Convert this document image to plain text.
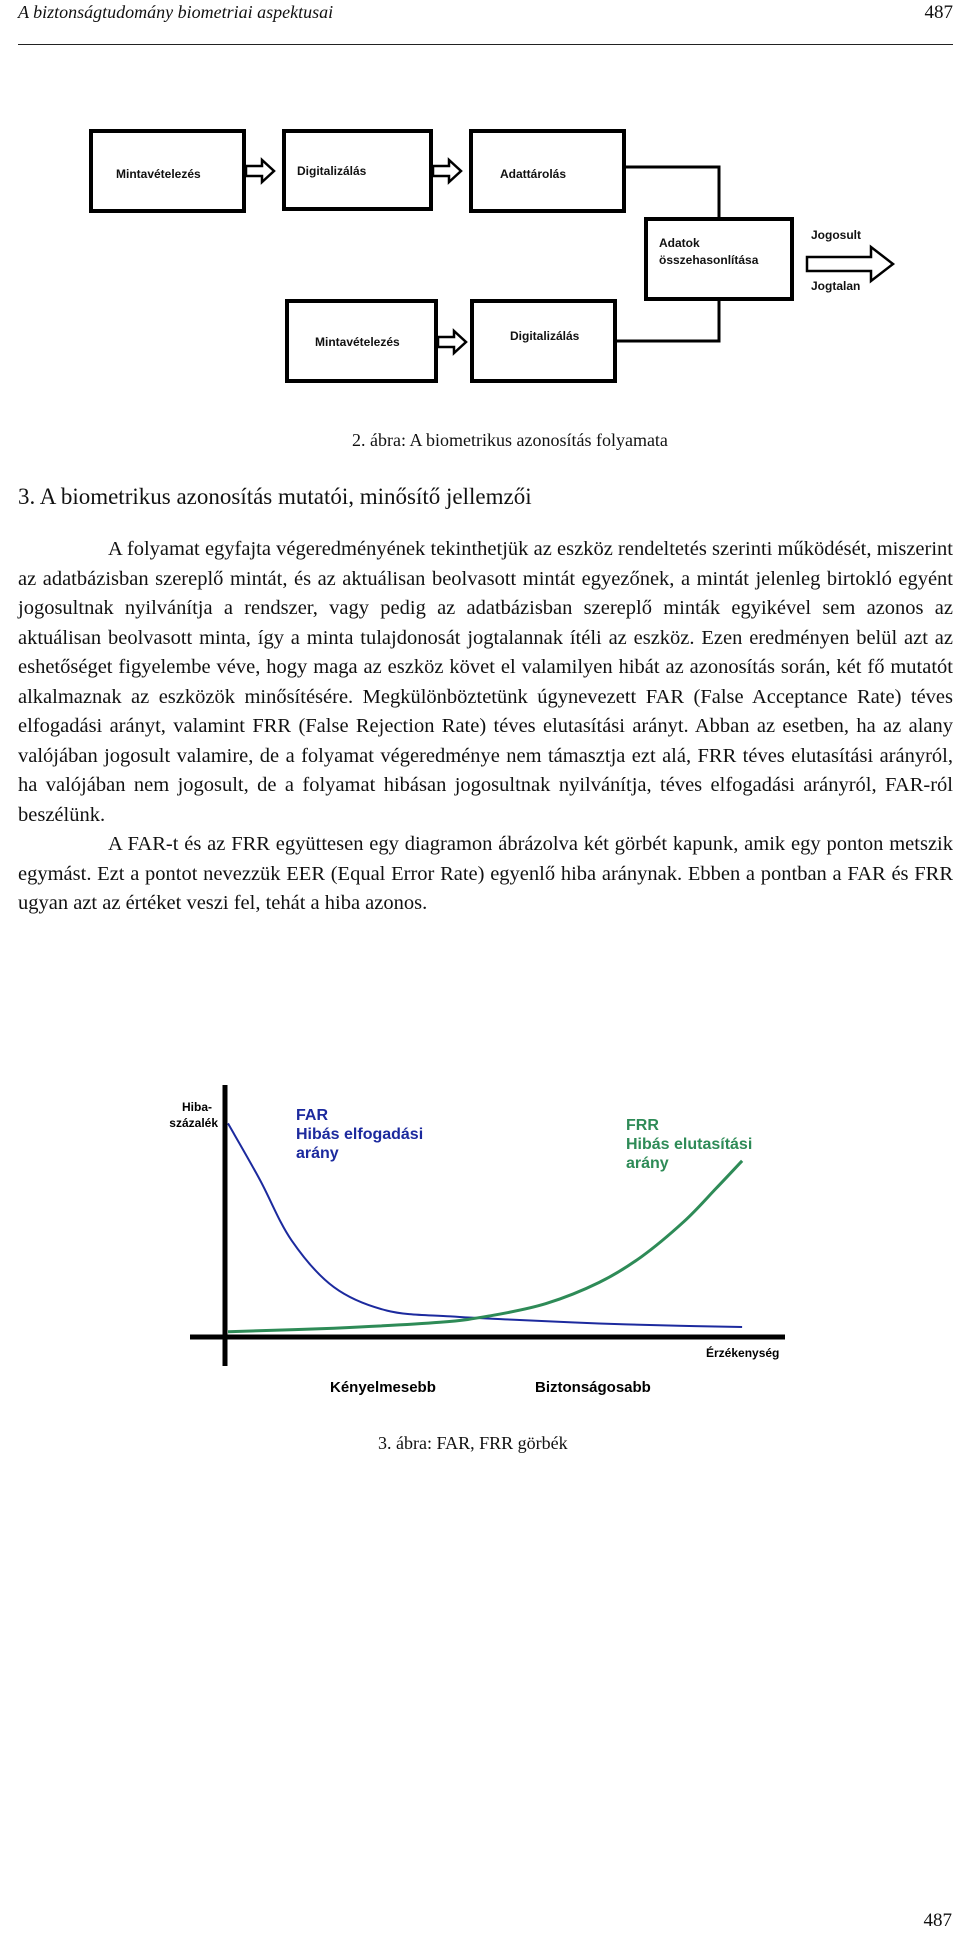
A biztonságtudomány biometriai aspektusai	487
Mintavételezés	Digitalizálás	Adattárolás
Adatok
összehasonlítása
Mintavételezés	Digitalizálás
Jogosult
Jogtalan
2. ábra: A biometrikus azonosítás folyamata
3. A biometrikus azonosítás mutatói, minősítő jellemzői

A folyamat egyfajta végeredményének tekinthetjük az eszköz rendeltetés szerinti működését, miszerint az adatbázisban szereplő mintát, és az aktuálisan beolvasott mintát egyezőnek, a mintát jelenleg birtokló egyént jogosultnak nyilvánítja a rendszer, vagy pedig az adatbázisban szereplő minták egyikével sem azonos az aktuálisan beolvasott minta, így a minta tulajdonosát jogtalannak ítéli az eszköz. Ezen eredményen belül azt az eshetőséget figyelembe véve, hogy maga az eszköz követ el valamilyen hibát az azonosítás során, két fő mutatót alkalmaznak az eszközök minősítésére. Megkülönböztetünk úgynevezett FAR (False Acceptance Rate) téves elfogadási arányt, valamint FRR (False Rejection Rate) téves elutasítási arányt. Abban az esetben, ha az alany valójában jogosult valamire, de a folyamat végeredménye nem támasztja ezt alá, FRR téves elutasítási arányról, ha valójában nem jogosult, de a folyamat hibásan jogosultnak nyilvánítja, téves elfogadási arányról, FAR-ról beszélünk.

A FAR-t és az FRR együttesen egy diagramon ábrázolva két görbét kapunk, amik egy ponton metszik egymást. Ezt a pontot nevezzük EER (Equal Error Rate) egyenlő hiba aránynak. Ebben a pontban a FAR és FRR ugyan azt az értéket veszi fel, tehát a hiba azonos.

Hiba-
százalék
Érzékenység
Kényelmesebb	Biztonságosabb
FAR
Hibás elfogadási
arány
FRR
Hibás elutasítási
arány
3. ábra: FAR, FRR görbék
487
